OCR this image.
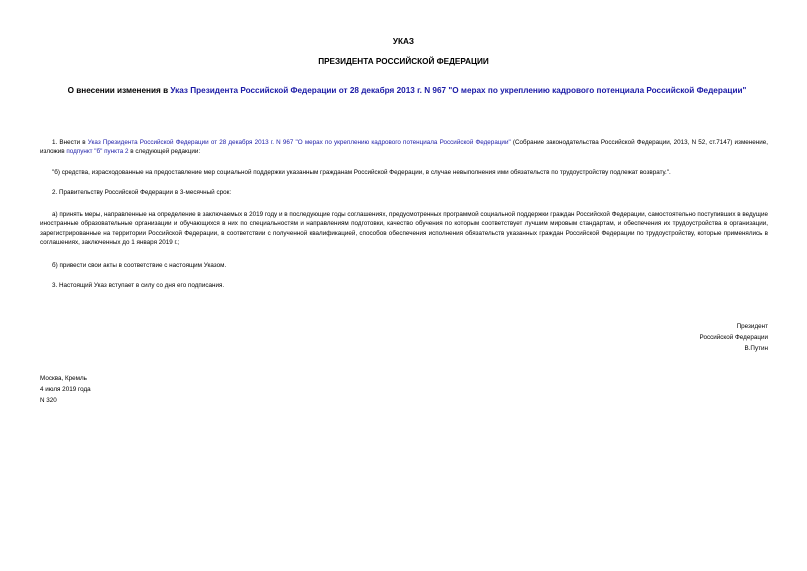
УКАЗ
ПРЕЗИДЕНТА РОССИЙСКОЙ ФЕДЕРАЦИИ
О внесении изменения в Указ Президента Российской Федерации от 28 декабря 2013 г. N 967 "О мерах по укреплению кадрового потенциала Российской Федерации"

1. Внести в Указ Президента Российской Федерации от 28 декабря 2013 г. N 967 "О мерах по укреплению кадрового потенциала Российской Федерации" (Собрание законодательства Российской Федерации, 2013, N 52, ст.7147) изменение, изложив подпункт "б" пункта 2 в следующей редакции:

"б) средства, израсходованные на предоставление мер социальной поддержки указанным гражданам Российской Федерации, в случае невыполнения ими обязательств по трудоустройству подлежат возврату.".

2. Правительству Российской Федерации в 3-месячный срок:

а) принять меры, направленные на определение в заключаемых в 2019 году и в последующие годы соглашениях, предусмотренных программой социальной поддержки граждан Российской Федерации, самостоятельно поступивших в ведущие иностранные образовательные организации и обучающихся в них по специальностям и направлениям подготовки, качество обучения по которым соответствует лучшим мировым стандартам, и обеспечения их трудоустройства в организации, зарегистрированные на территории Российской Федерации, в соответствии с полученной квалификацией, способов обеспечения исполнения обязательств указанных граждан Российской Федерации по трудоустройству, которые применялись в соглашениях, заключенных до 1 января 2019 г.;

б) привести свои акты в соответствие с настоящим Указом.

3. Настоящий Указ вступает в силу со дня его подписания.

Президент
Российской Федерации
В.Путин
Москва, Кремль
4 июля 2019 года
N 320
